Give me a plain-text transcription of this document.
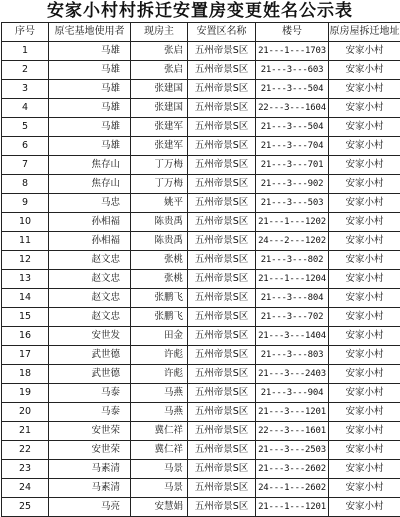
安家小村村拆迁安置房变更姓名公示表
序号	原宅基地使用者	现房主	安置区名称	楼号	原房屋拆迁地址
1	马雄	张启	五州帝景S区	21---1---1703	安家小村
2	马雄	张启	五州帝景S区	21---3---603	安家小村
3	马雄	张建国	五州帝景S区	21---3---504	安家小村
4	马雄	张建国	五州帝景S区	22---3---1604	安家小村
5	马雄	张建军	五州帝景S区	21---3---504	安家小村
6	马雄	张建军	五州帝景S区	21---3---704	安家小村
7	焦存山	丁万梅	五州帝景S区	21---3---701	安家小村
8	焦存山	丁万梅	五州帝景S区	21---3---902	安家小村
9	马忠	姚平	五州帝景S区	21---3---503	安家小村
10	孙相福	陈贵禹	五州帝景S区	21---1---1202	安家小村
11	孙相福	陈贵禹	五州帝景S区	24---2---1202	安家小村
12	赵文忠	张桃	五州帝景S区	21---3---802	安家小村
13	赵文忠	张桃	五州帝景S区	21---1---1204	安家小村
14	赵文忠	张鹏飞	五州帝景S区	21---3---804	安家小村
15	赵文忠	张鹏飞	五州帝景S区	21---3---702	安家小村
16	安世发	田金	五州帝景S区	21---3---1404	安家小村
17	武世德	许彪	五州帝景S区	21---3---803	安家小村
18	武世德	许彪	五州帝景S区	21---3---2403	安家小村
19	马泰	马燕	五州帝景S区	21---3---904	安家小村
20	马泰	马燕	五州帝景S区	21---3---1201	安家小村
21	安世荣	冀仁祥	五州帝景S区	22---3---1601	安家小村
22	安世荣	冀仁祥	五州帝景S区	21---3---2503	安家小村
23	马素清	马景	五州帝景S区	21---3---2602	安家小村
24	马素清	马景	五州帝景S区	24---1---2602	安家小村
25	马亮	安慧娟	五州帝景S区	21---1---1201	安家小村
